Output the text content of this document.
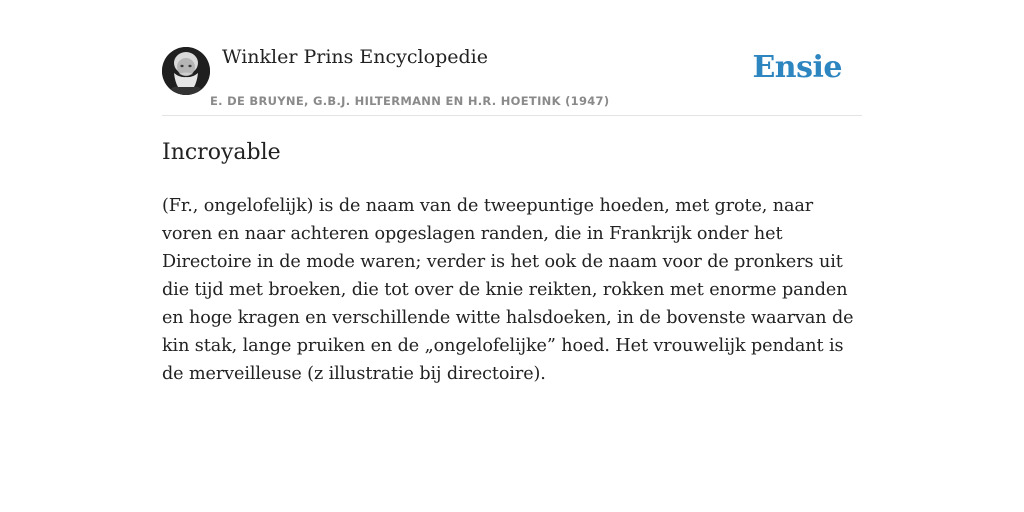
Winkler Prins Encyclopedie
E. DE BRUYNE, G.B.J. HILTERMANN EN H.R. HOETINK (1947)
Ensie
Incroyable

(Fr., ongelofelijk) is de naam van de tweepuntige hoeden, met grote, naar voren en naar achteren opgeslagen randen, die in Frankrijk onder het Directoire in de mode waren; verder is het ook de naam voor de pronkers uit die tijd met broeken, die tot over de knie reikten, rokken met enorme panden en hoge kragen en verschillende witte halsdoeken, in de bovenste waarvan de kin stak, lange pruiken en de „ongelofelijke” hoed. Het vrouwelijk pendant is de merveilleuse (z illustratie bij directoire).
